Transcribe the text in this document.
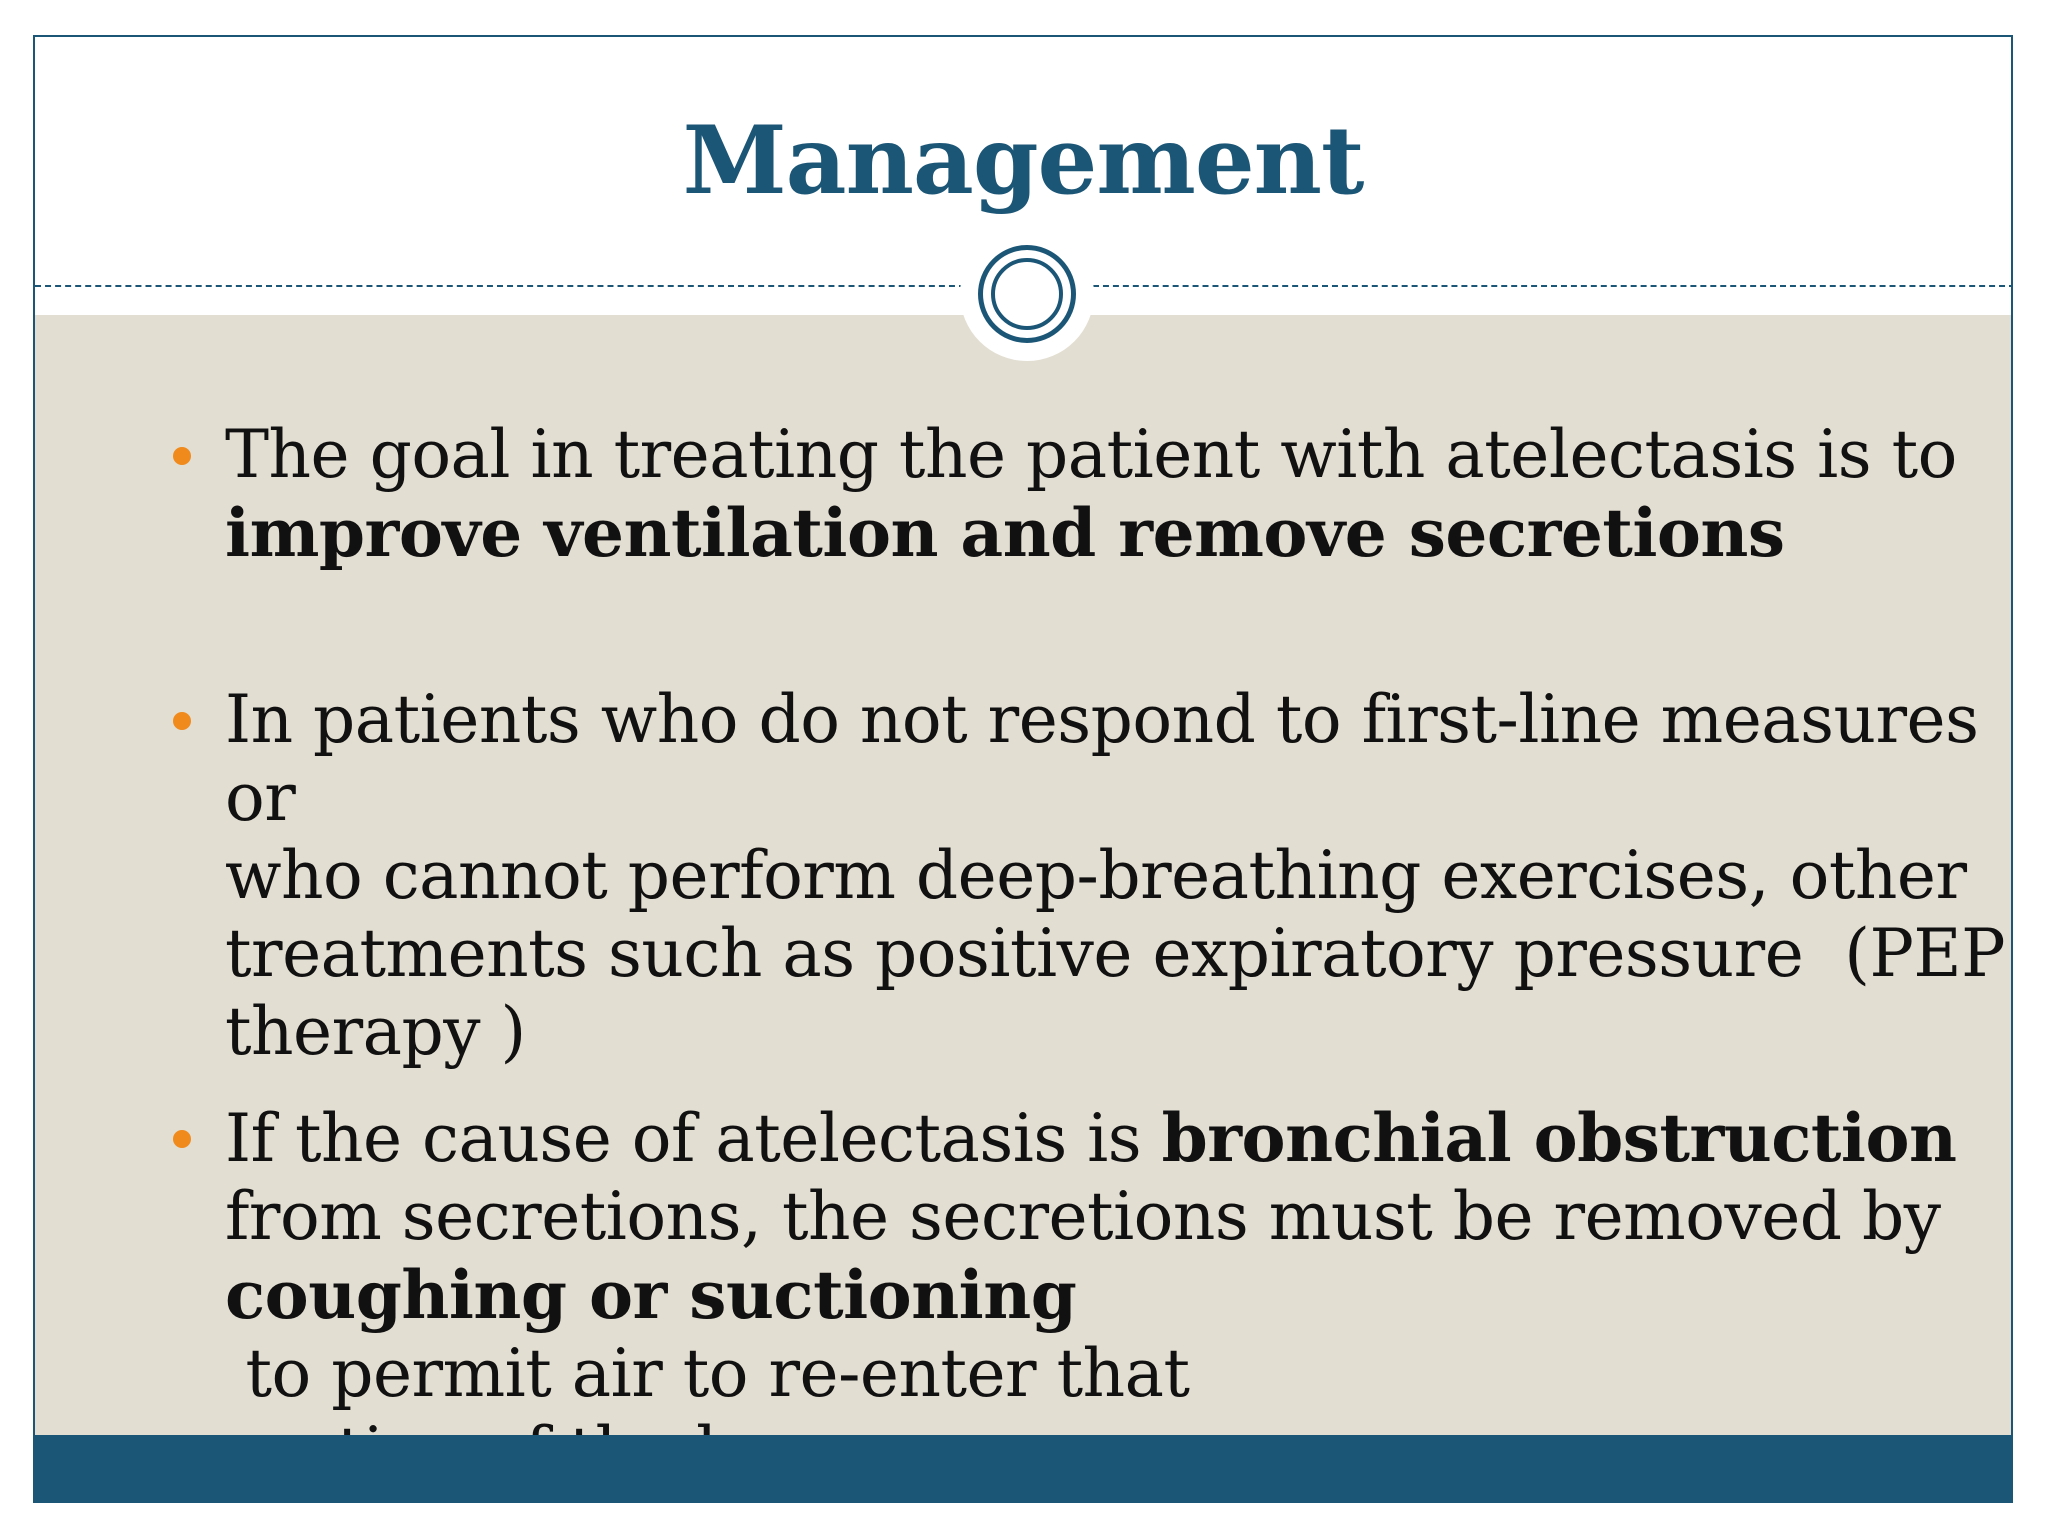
Management
The goal in treating the patient with atelectasis is to
improve ventilation and remove secretions
In patients who do not respond to first-line measures or
who cannot perform deep-breathing exercises, other
treatments such as positive expiratory pressure  (PEP
therapy )
If the cause of atelectasis is bronchial obstruction
from secretions, the secretions must be removed by
coughing or suctioning to permit air to re-enter that
